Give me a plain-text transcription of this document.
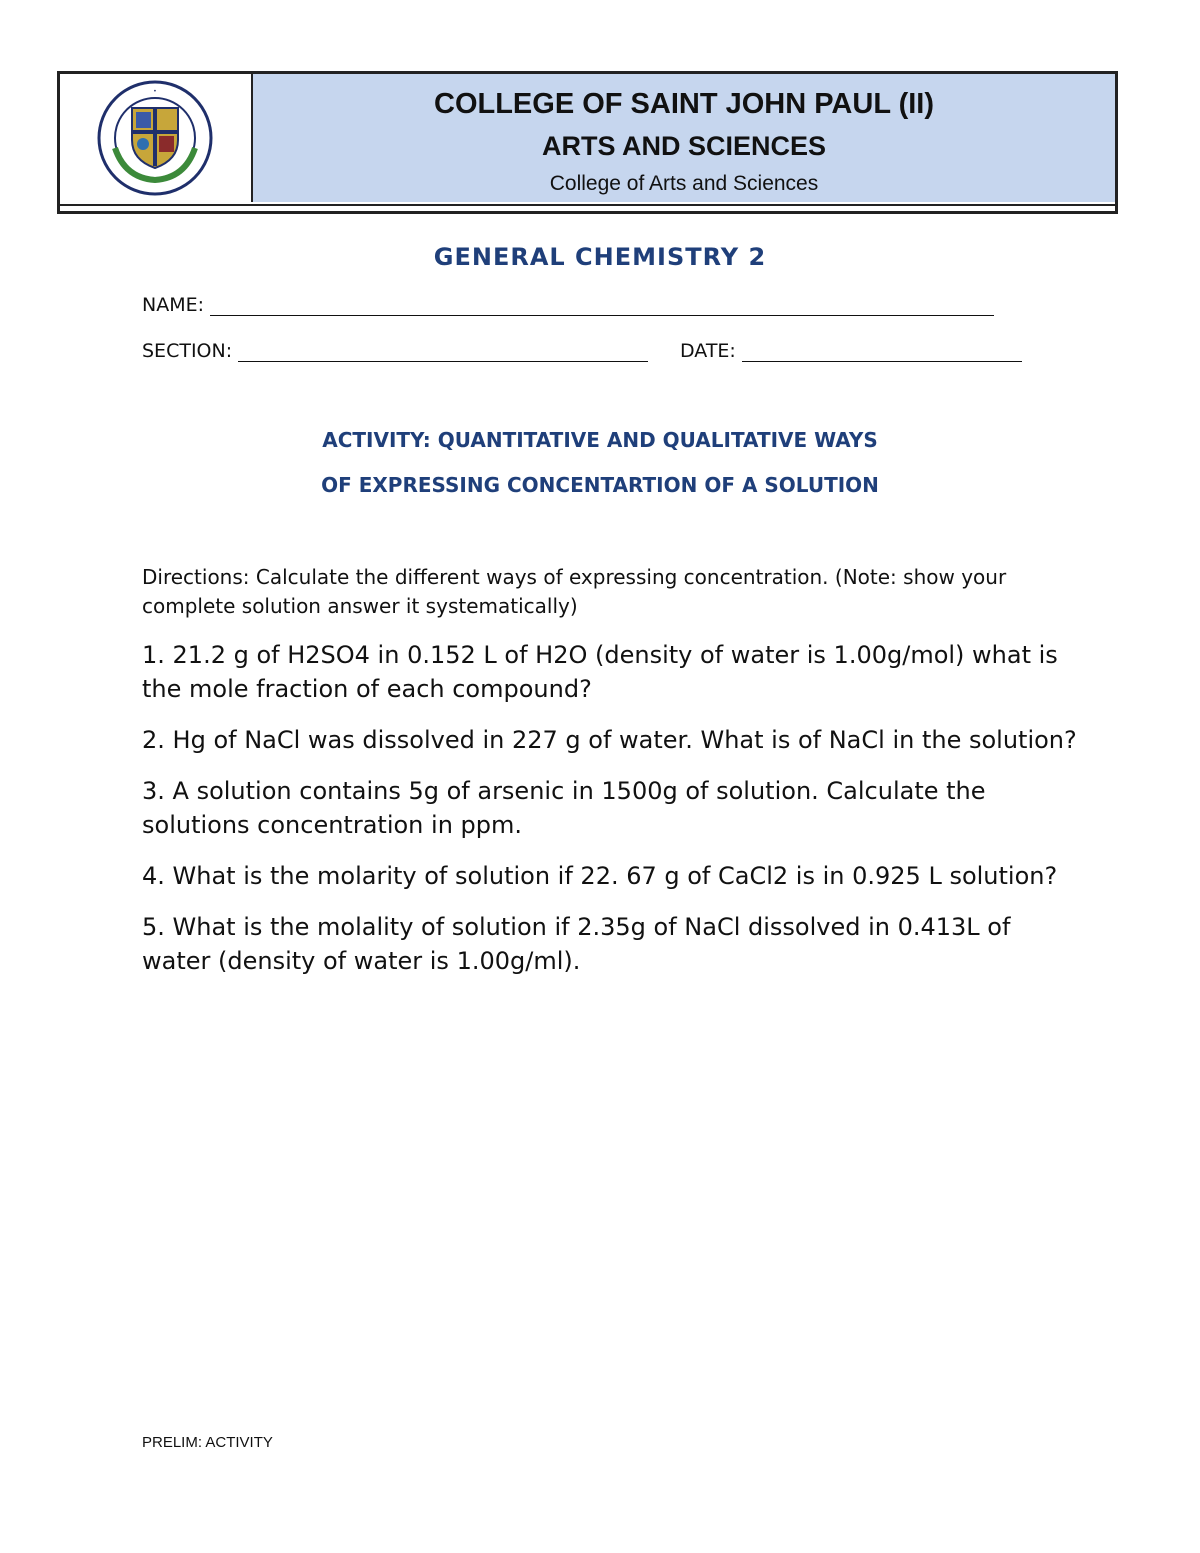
·	COLLEGE OF SAINT JOHN PAUL (II)
ARTS AND SCIENCES
College of Arts and Sciences
GENERAL CHEMISTRY 2
NAME:
SECTION:	DATE:
ACTIVITY: QUANTITATIVE AND QUALITATIVE WAYS
OF EXPRESSING CONCENTARTION OF A SOLUTION
Directions: Calculate the different ways of expressing concentration. (Note: show your complete solution answer it systematically)
1. 21.2 g of H2SO4 in 0.152 L of H2O (density of water is 1.00g/mol) what is the mole fraction of each compound?
2. Hg of NaCl was dissolved in 227 g of water. What is of NaCl in the solution?
3. A solution contains 5g of arsenic in 1500g of solution. Calculate the solutions concentration in ppm.
4. What is the molarity of solution if 22. 67 g of CaCl2 is in 0.925 L solution?
5. What is the molality of solution if 2.35g of NaCl dissolved in 0.413L of water (density of water is 1.00g/ml).
PRELIM: ACTIVITY
